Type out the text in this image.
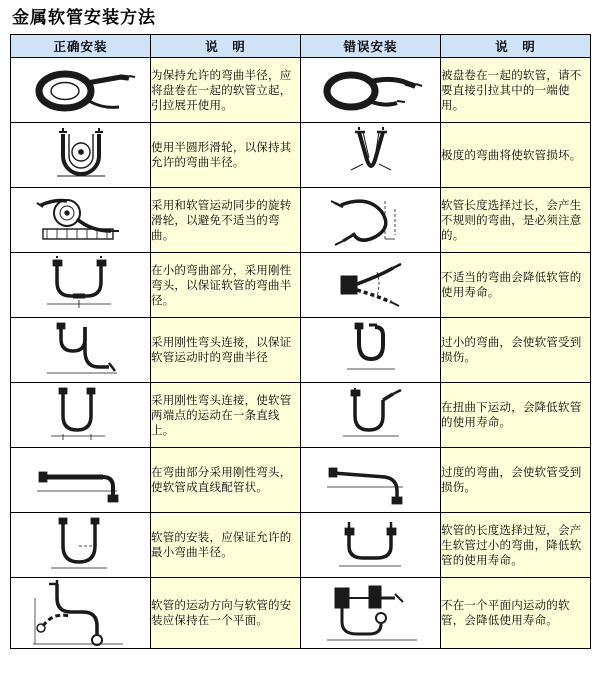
金属软管安装方法
正确安装	说　明	错误安装	说　明

	为保持允许的弯曲半径，应将盘卷在一起的软管立起，引拉展开使用。		被盘卷在一起的软管，请不要直接引拉其中的一端使用。

	使用半圆形滑轮，以保持其允许的弯曲半径。		极度的弯曲将使软管损坏。

	采用和软管运动同步的旋转滑轮，以避免不适当的弯曲。		软管长度选择过长，会产生不规则的弯曲，是必须注意的。

	在小的弯曲部分，采用刚性弯头，以保证软管的弯曲半径。		不适当的弯曲会降低软管的使用寿命。

	采用刚性弯头连接，以保证软管运动时的弯曲半径		过小的弯曲，会使软管受到损伤。

	采用刚性弯头连接，使软管两端点的运动在一条直线上。		在扭曲下运动，会降低软管的使用寿命。

	在弯曲部分采用刚性弯头，使软管成直线配管状。		过度的弯曲，会使软管受到损伤。

	软管的安装，应保证允许的最小弯曲半径。		软管的长度选择过短，会产生软管过小的弯曲，降低软管的使用寿命。

	软管的运动方向与软管的安装应保持在一个平面。		不在一个平面内运动的软管，会降低使用寿命。
